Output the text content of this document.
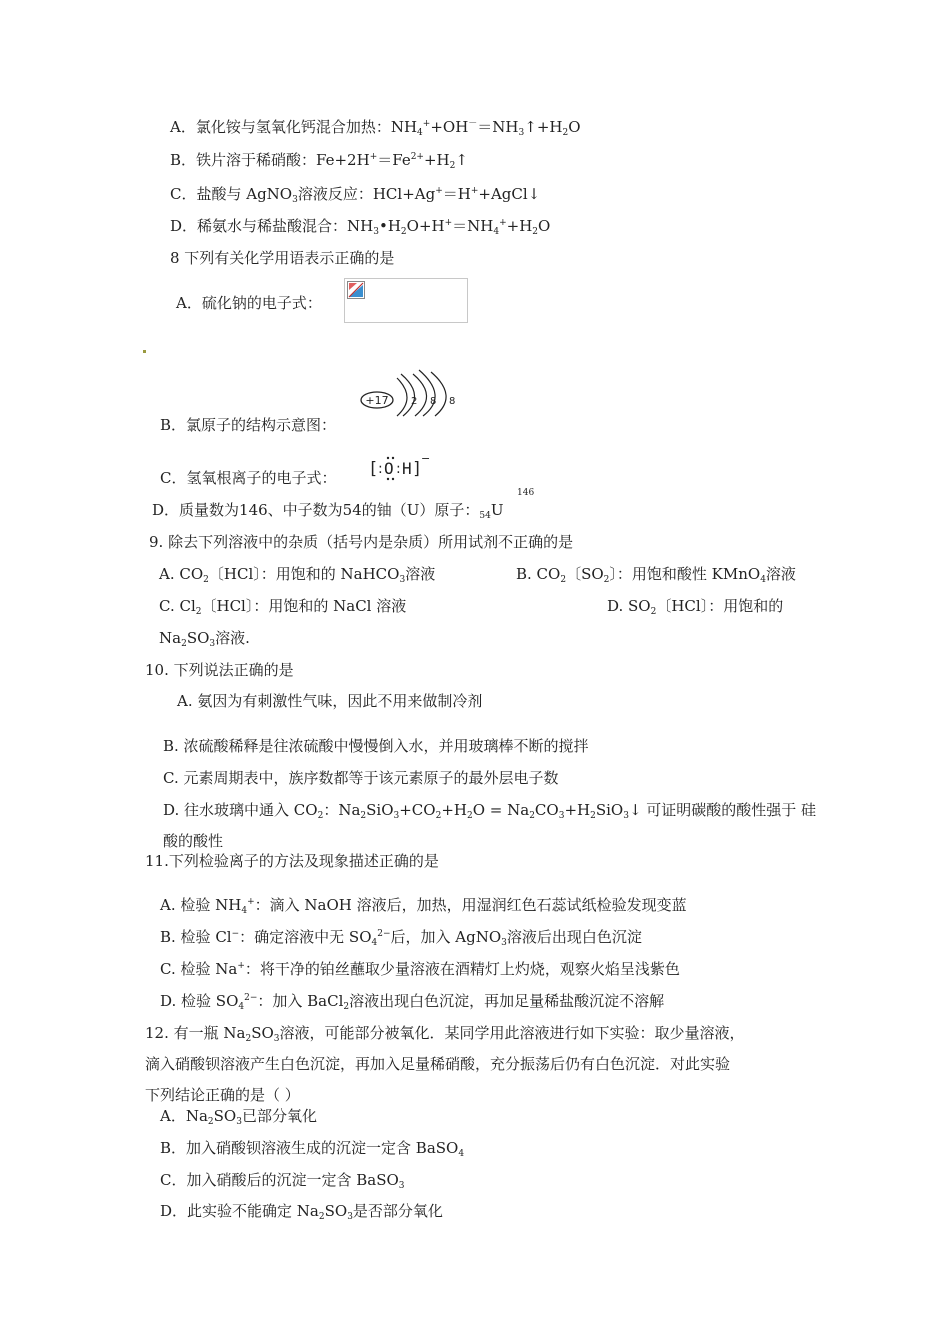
A．氯化铵与氢氧化钙混合加热：$NH_4^++OH^-=NH_3↑+H_2O$
B．铁片溶于稀硝酸：$Fe+2H^+=Fe^{2+}+H_2↑$
C．盐酸与 AgNO$_3$溶液反应：HCl+Ag+＝H++AgCl↓
D．稀氨水与稀盐酸混合：$NH_3•H_2O+H^+=NH_4^++H_2O$
8 下列有关化学用语表示正确的是
A．硫化钠的电子式：
B．氯原子的结构示意图：
+17 2 8 8
C．氢氧根离子的电子式： [ : O : H ]
−
D．质量数为146、中子数为54的铀（U）原子：$_{54}$U
146
9. 除去下列溶液中的杂质（括号内是杂质）所用试剂不正确的是
A. $CO_2$〔HCl〕：用饱和的 NaHCO$_3$溶液	B. $CO_2$〔$SO_2$〕：用饱和酸性 KMnO$_4$溶液
C. $Cl_2$〔HCl〕：用饱和的 NaCl 溶液	D. $SO_2$〔HCl〕：用饱和的
$Na_2SO_3$溶液.
10. 下列说法正确的是
A. 氨因为有刺激性气味，因此不用来做制冷剂
B. 浓硫酸稀释是往浓硫酸中慢慢倒入水，并用玻璃棒不断的搅拌
C. 元素周期表中，族序数都等于该元素原子的最外层电子数
D. 往水玻璃中通入 $CO_2$：$Na_2SiO_3+CO_2+H_2O$ = $Na_2CO_3+H_2SiO_3↓$ 可证明碳酸的酸性强于 硅
酸的酸性
11.下列检验离子的方法及现象描述正确的是
A. 检验 $NH_4^+$：滴入 NaOH 溶液后，加热，用湿润红色石蕊试纸检验发现变蓝
B. 检验 Cl−：确定溶液中无 $SO_4^{2-}$后，加入 AgNO$_3$溶液后出现白色沉淀
C. 检验 Na+：将干净的铂丝蘸取少量溶液在酒精灯上灼烧，观察火焰呈浅紫色
D. 检验 $SO_4^{2-}$：加入 BaCl$_2$溶液出现白色沉淀，再加足量稀盐酸沉淀不溶解
12. 有一瓶 $Na_2SO_3$溶液，可能部分被氧化．某同学用此溶液进行如下实验：取少量溶液，
滴入硝酸钡溶液产生白色沉淀，再加入足量稀硝酸，充分振荡后仍有白色沉淀．对此实验
下列结论正确的是（ ）
A．$Na_2SO_3$已部分氧化
B．加入硝酸钡溶液生成的沉淀一定含 BaSO$_4$
C．加入硝酸后的沉淀一定含 BaSO$_3$
D．此实验不能确定 $Na_2SO_3$是否部分氧化
